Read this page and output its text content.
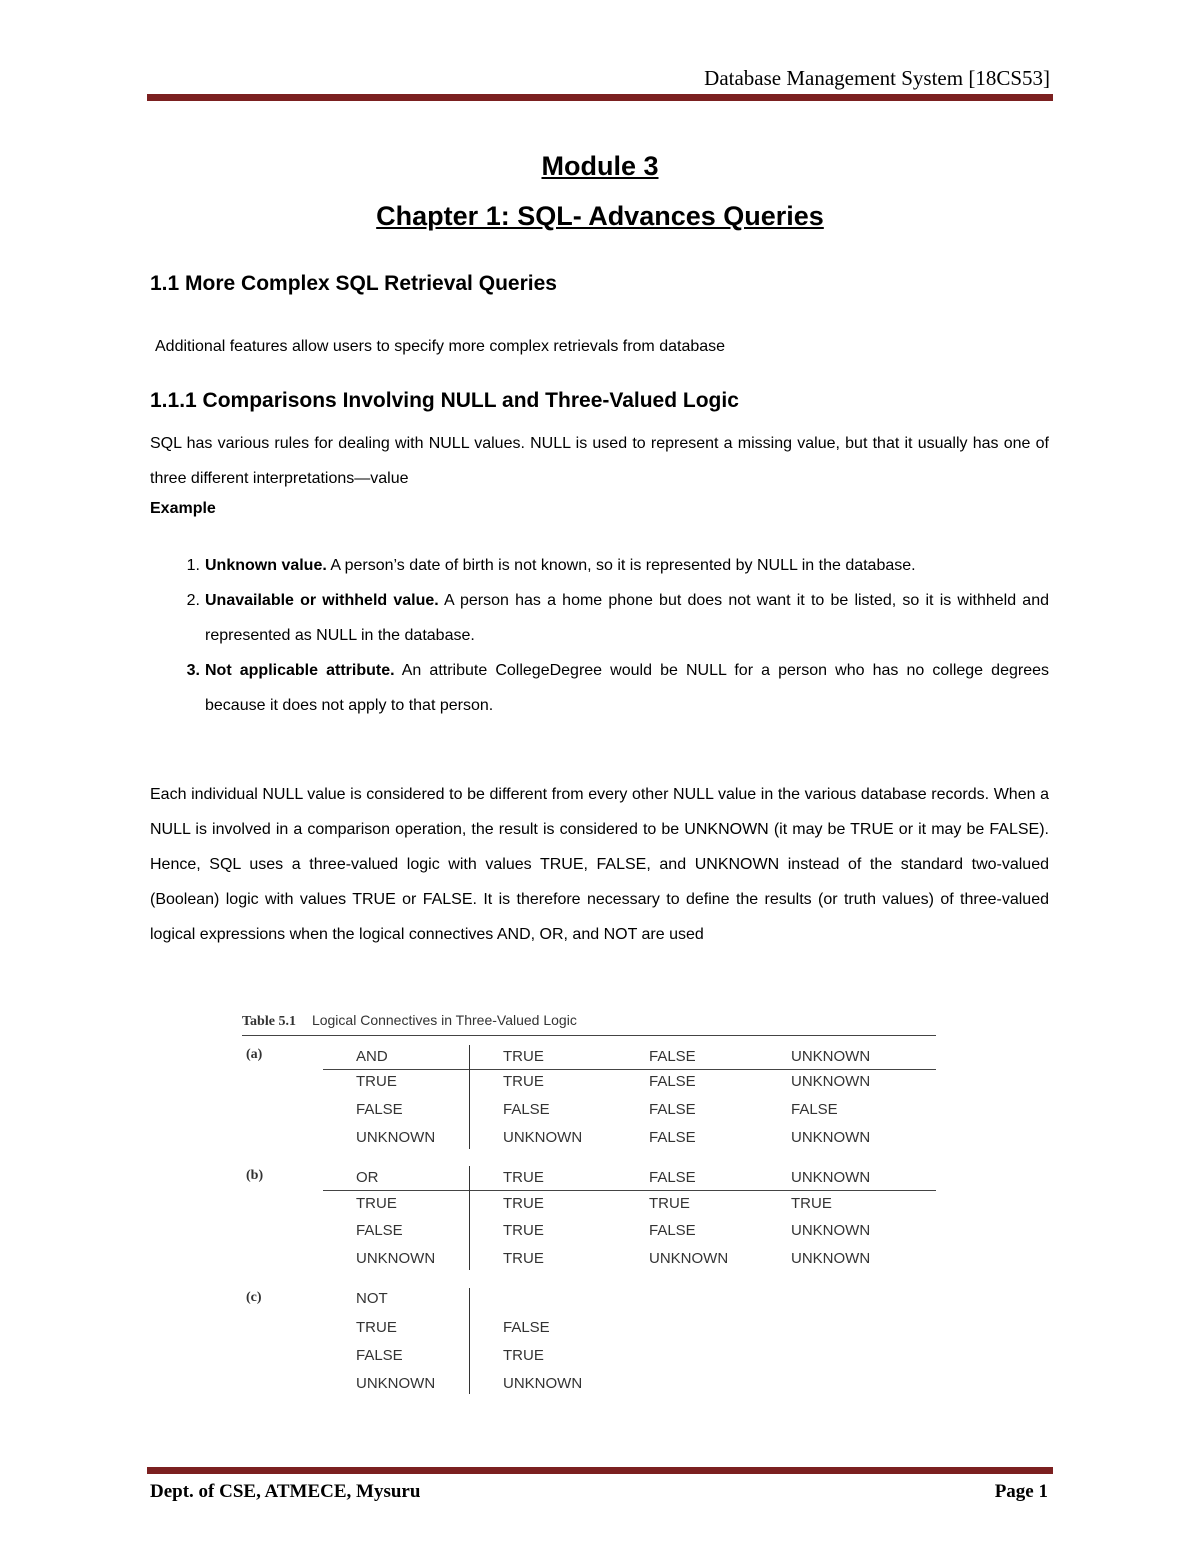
Database Management System [18CS53]
Module 3
Chapter 1: SQL- Advances Queries
1.1 More Complex SQL Retrieval Queries
Additional features allow users to specify more complex retrievals from database
1.1.1 Comparisons Involving NULL and Three-Valued Logic
SQL has various rules for dealing with NULL values. NULL is used to represent a missing value, but that it usually has one of three different interpretations—value
Example
1. Unknown value. A person’s date of birth is not known, so it is represented by NULL in the database.
2. Unavailable or withheld value. A person has a home phone but does not want it to be listed, so it is withheld and represented as NULL in the database.
3. Not applicable attribute. An attribute CollegeDegree would be NULL for a person who has no college degrees because it does not apply to that person.
Each individual NULL value is considered to be different from every other NULL value in the various database records. When a NULL is involved in a comparison operation, the result is considered to be UNKNOWN (it may be TRUE or it may be FALSE). Hence, SQL uses a three-valued logic with values TRUE, FALSE, and UNKNOWN instead of the standard two-valued (Boolean) logic with values TRUE or FALSE. It is therefore necessary to define the results (or truth values) of three-valued logical expressions when the logical connectives AND, OR, and NOT are used
Table 5.1 Logical Connectives in Three-Valued Logic
(a)	AND	TRUE	FALSE	UNKNOWN
TRUE	TRUE	FALSE	UNKNOWN
FALSE	FALSE	FALSE	FALSE
UNKNOWN	UNKNOWN	FALSE	UNKNOWN
(b)	OR	TRUE	FALSE	UNKNOWN
TRUE	TRUE	TRUE	TRUE
FALSE	TRUE	FALSE	UNKNOWN
UNKNOWN	TRUE	UNKNOWN	UNKNOWN
(c)	NOT
TRUE	FALSE
FALSE	TRUE
UNKNOWN	UNKNOWN
Dept. of CSE, ATMECE, Mysuru	Page 1
